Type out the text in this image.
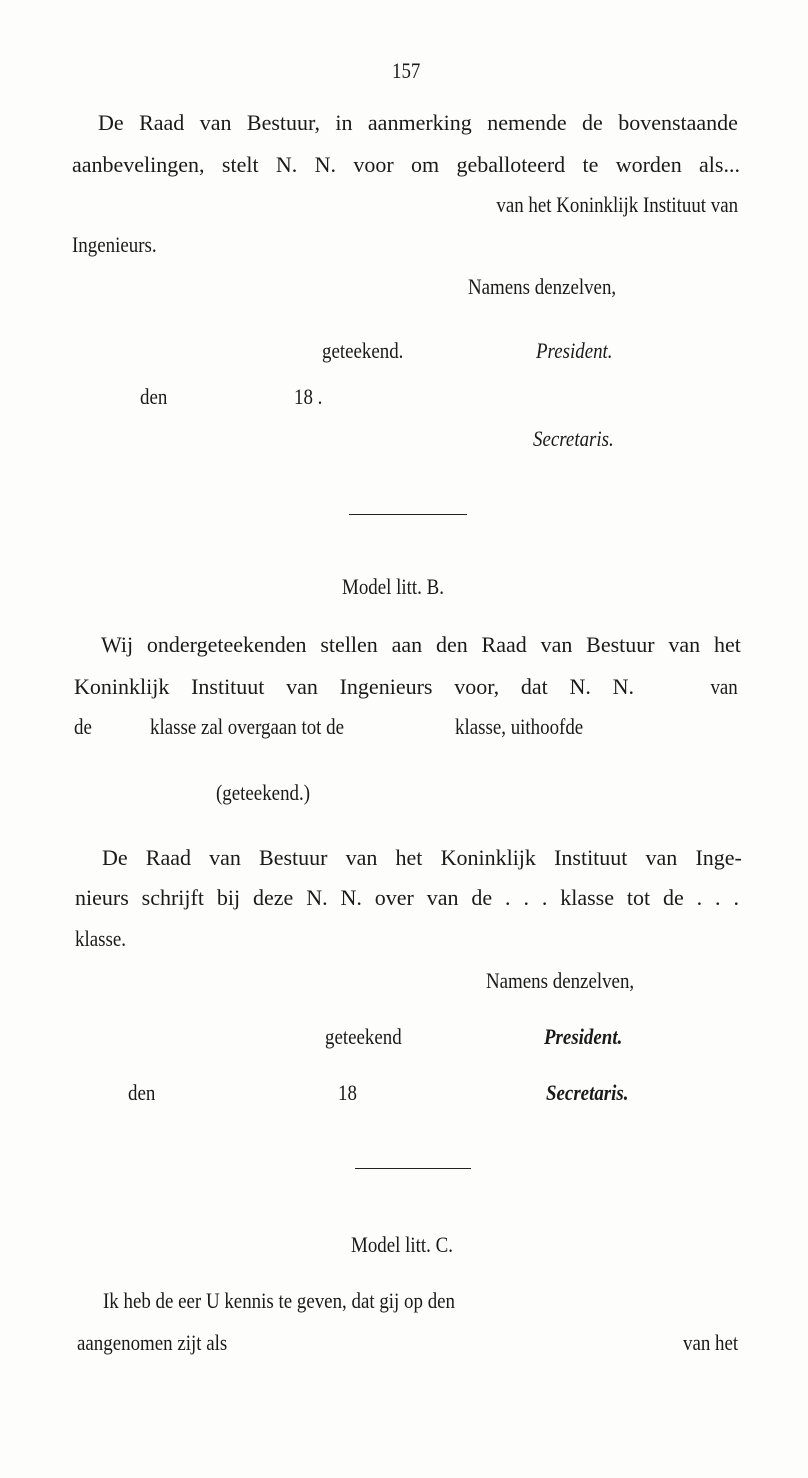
157
De Raad van Bestuur, in aanmerking nemende de bovenstaande
aanbevelingen, stelt N. N. voor om geballoteerd te worden als...
van het Koninklijk Instituut van
Ingenieurs.
Namens denzelven,
geteekend.	President.
den	18 .
Secretaris.
Model litt. B.
Wij ondergeteekenden stellen aan den Raad van Bestuur van het
Koninklijk Instituut van Ingenieurs voor, dat N. N.	van
de	klasse zal overgaan tot de	klasse, uithoofde
(geteekend.)
De Raad van Bestuur van het Koninklijk Instituut van Inge-
nieurs schrijft bij deze N. N. over van de . . . klasse tot de . . .
klasse.
Namens denzelven,
geteekend	President.
den	18	Secretaris.
Model litt. C.
Ik heb de eer U kennis te geven, dat gij op den
aangenomen zijt als	van het
